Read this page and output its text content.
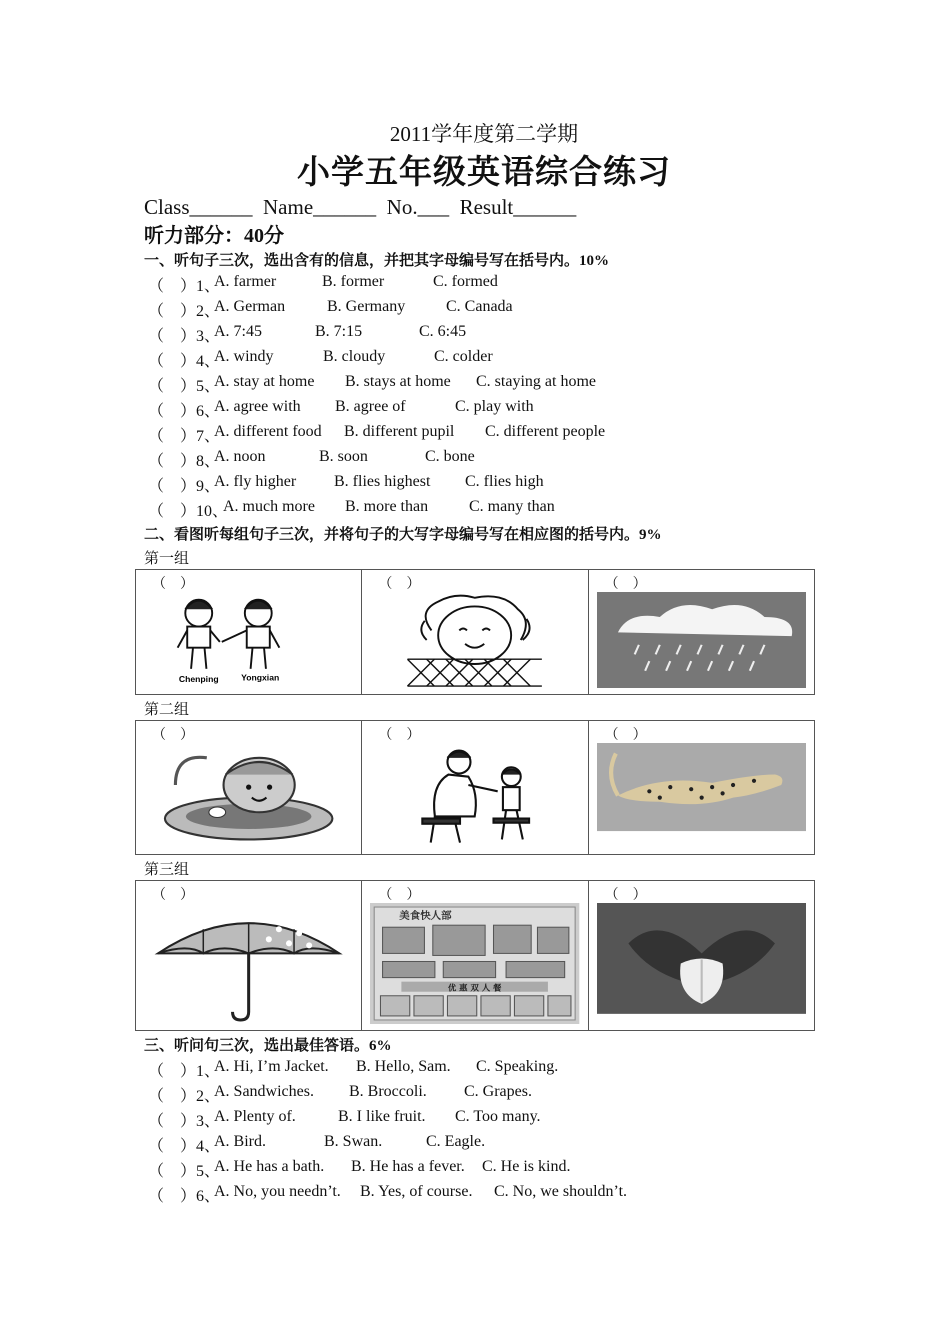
2011学年度第二学期
小学五年级英语综合练习
Class______  Name______  No.___  Result______
听力部分：40分
一、听句子三次，选出含有的信息，并把其字母编号写在括号内。10%
（　）1、
A. farmer	B. former	C. formed
（　）2、
A. German	B. Germany	C. Canada
（　）3、
A. 7:45	B. 7:15	C. 6:45
（　）4、
A. windy	B. cloudy	C. colder
（　）5、
A. stay at home B. stays at home C. staying at home
（　）6、
A. agree with B. agree of	C. play with
（　）7、
A. different food B. different pupil C. different people
（　）8、
A. noon	B. soon	C. bone
（　）9、
A. fly higher B. flies highest C. flies high
（　）10、
A. much more B. more than	C. many than
二、看图听每组句子三次，并将句子的大写字母编号写在相应图的括号内。9%
第一组
（　）
Chenping Yongxian

（　）	（　）
第二组
（　）	（　）	（　）
第三组
（　）	（　）
美食快人部
优 惠 双 人 餐

（　）
三、听问句三次，选出最佳答语。6%
（　）1、
A. Hi, I’m Jacket. B. Hello, Sam. C. Speaking.
（　）2、
A. Sandwiches. B. Broccoli. C. Grapes.
（　）3、
A. Plenty of.	B. I like fruit. C. Too many.
（　）4、
A. Bird.	B. Swan.	C. Eagle.
（　）5、
A. He has a bath. B. He has a fever. C. He is kind.
（　）6、
A. No, you needn’t. B. Yes, of course. C. No, we shouldn’t.
